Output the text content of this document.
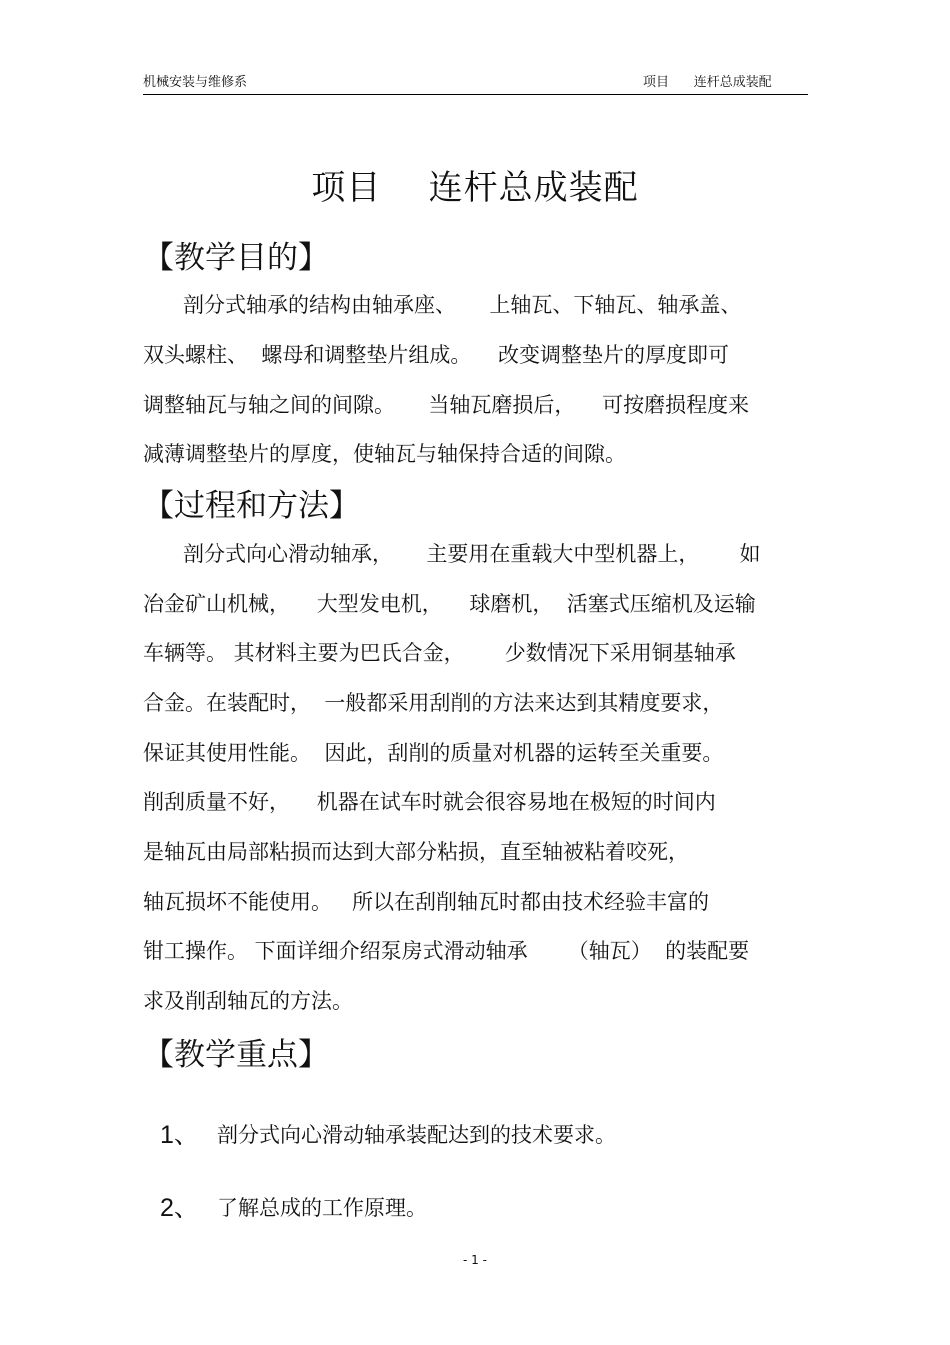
机械安装与维修系	项目      连杆总成装配
项目    连杆总成装配
【教学目的】
剖分式轴承的结构由轴承座、     上轴瓦、下轴瓦、轴承盖、
双头螺柱、  螺母和调整垫片组成。    改变调整垫片的厚度即可
调整轴瓦与轴之间的间隙。     当轴瓦磨损后，    可按磨损程度来
减薄调整垫片的厚度，使轴瓦与轴保持合适的间隙。
【过程和方法】
剖分式向心滑动轴承，     主要用在重载大中型机器上，      如
冶金矿山机械，    大型发电机，    球磨机，  活塞式压缩机及运输
车辆等。 其材料主要为巴氏合金，      少数情况下采用铜基轴承
合金。在装配时，  一般都采用刮削的方法来达到其精度要求，
保证其使用性能。  因此，刮削的质量对机器的运转至关重要。
削刮质量不好，    机器在试车时就会很容易地在极短的时间内
是轴瓦由局部粘损而达到大部分粘损，直至轴被粘着咬死，
轴瓦损坏不能使用。   所以在刮削轴瓦时都由技术经验丰富的
钳工操作。 下面详细介绍泵房式滑动轴承      （轴瓦）  的装配要
求及削刮轴瓦的方法。
【教学重点】
1、 剖分式向心滑动轴承装配达到的技术要求。
2、 了解总成的工作原理。
- 1 -
